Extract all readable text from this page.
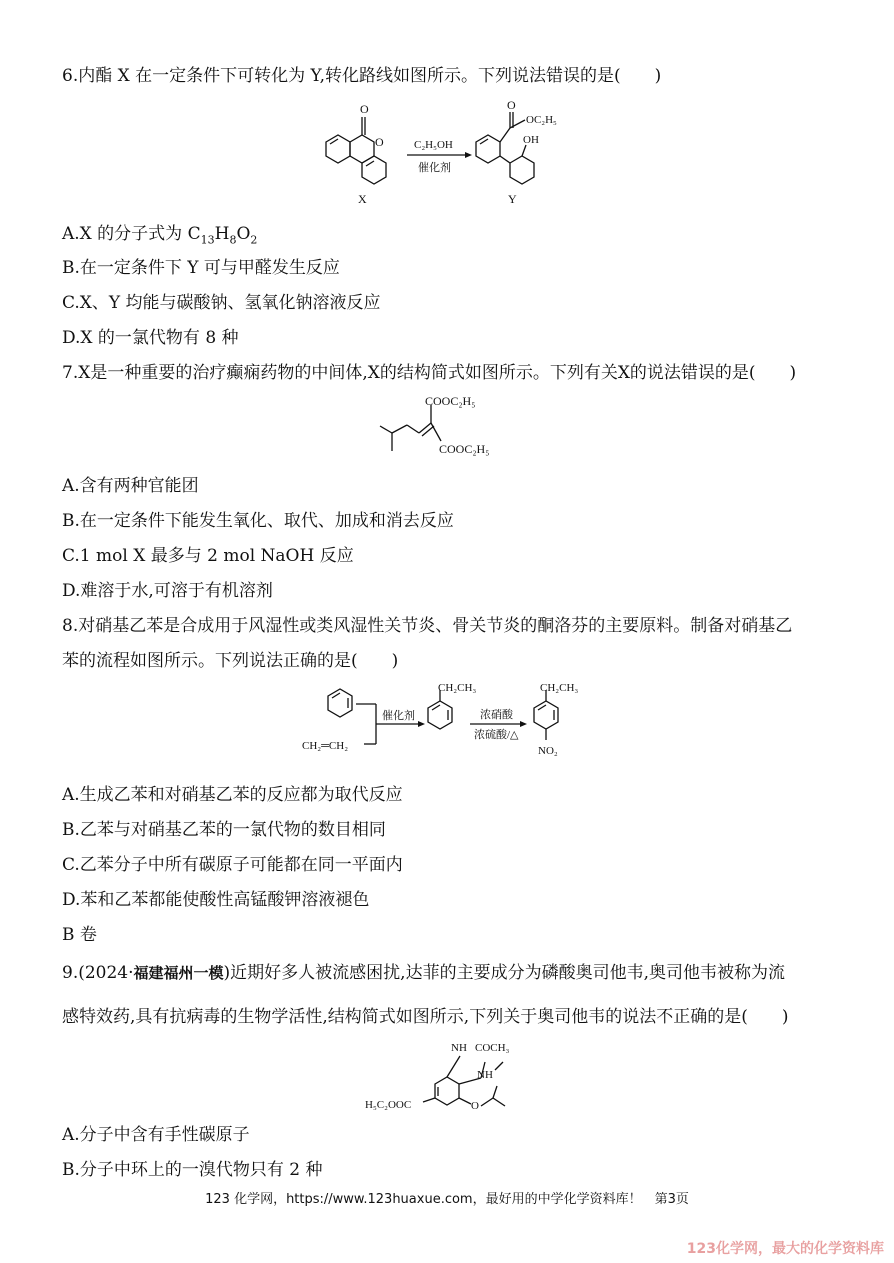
6.内酯 X 在一定条件下可转化为 Y,转化路线如图所示。下列说法错误的是(　　)
O
O
X
C₂H₅OH
催化剂
O
OC₂H₅
OH
Y
A.X 的分子式为 $C_{13}H_8O_2$
B.在一定条件下 Y 可与甲醛发生反应
C.X、Y 均能与碳酸钠、氢氧化钠溶液反应
D.X 的一氯代物有 8 种
7.X是一种重要的治疗癫痫药物的中间体,X的结构简式如图所示。下列有关X的说法错误的是(　　)
COOC₂H₅
COOC₂H₅
A.含有两种官能团
B.在一定条件下能发生氧化、取代、加成和消去反应
C.1 mol X 最多与 2 mol NaOH 反应
D.难溶于水,可溶于有机溶剂
8.对硝基乙苯是合成用于风湿性或类风湿性关节炎、骨关节炎的酮洛芬的主要原料。制备对硝基乙
苯的流程如图所示。下列说法正确的是(　　)
CH₂═CH₂
催化剂
CH₂CH₃
浓硝酸
浓硫酸/△
CH₂CH₃
NO₂
A.生成乙苯和对硝基乙苯的反应都为取代反应
B.乙苯与对硝基乙苯的一氯代物的数目相同
C.乙苯分子中所有碳原子可能都在同一平面内
D.苯和乙苯都能使酸性高锰酸钾溶液褪色
B 卷
9.(2024·福建福州一模)近期好多人被流感困扰,达菲的主要成分为磷酸奥司他韦,奥司他韦被称为流
感特效药,具有抗病毒的生物学活性,结构简式如图所示,下列关于奥司他韦的说法不正确的是(　　)
NH COCH₃
NH
H₅C₂OOC	O
A.分子中含有手性碳原子
B.分子中环上的一溴代物只有 2 种
123 化学网，https://www.123huaxue.com，最好用的中学化学资料库！　第3页
123化学网，最大的化学资料库
